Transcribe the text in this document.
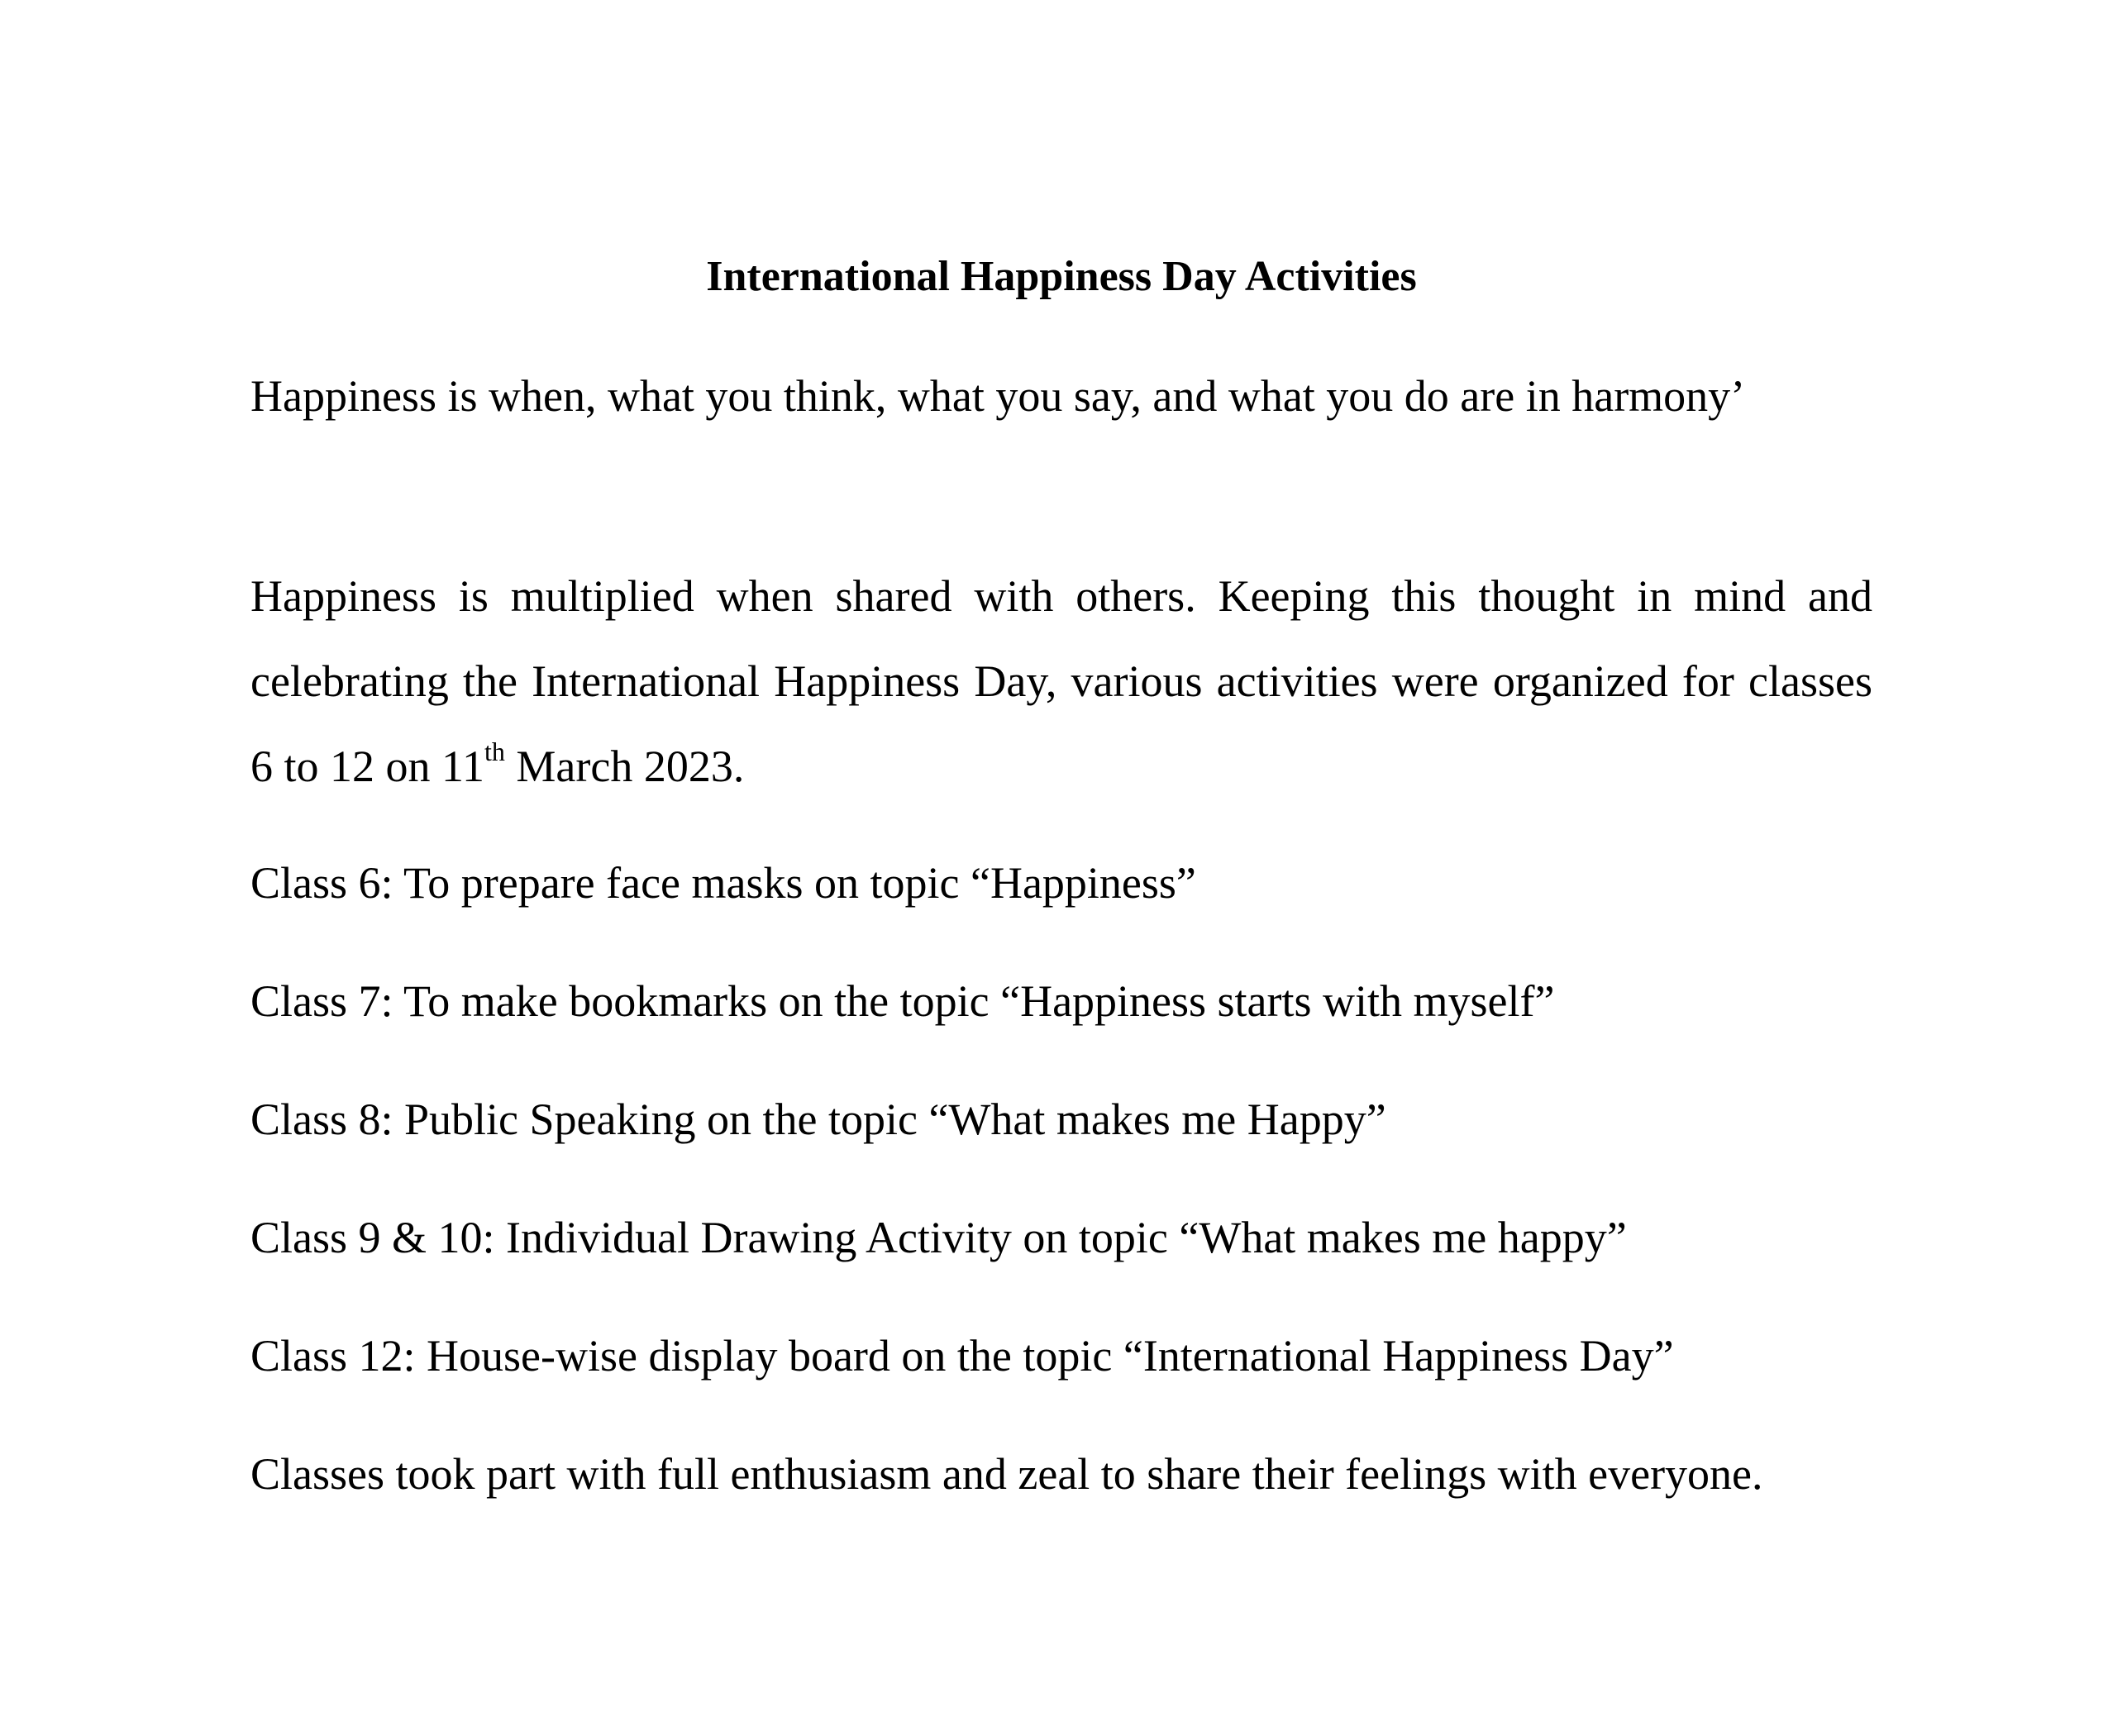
International Happiness Day Activities

Happiness is when, what you think, what you say, and what you do are in harmony’

Happiness is multiplied when shared with others. Keeping this thought in mind and celebrating the International Happiness Day, various activities were organized for classes 6 to 12 on 11th March 2023.

Class 6: To prepare face masks on topic “Happiness”

Class 7: To make bookmarks on the topic “Happiness starts with myself”

Class 8: Public Speaking on the topic “What makes me Happy”

Class 9 & 10: Individual Drawing Activity on topic “What makes me happy”

Class 12: House-wise display board on the topic “International Happiness Day”

Classes took part with full enthusiasm and zeal to share their feelings with everyone.
